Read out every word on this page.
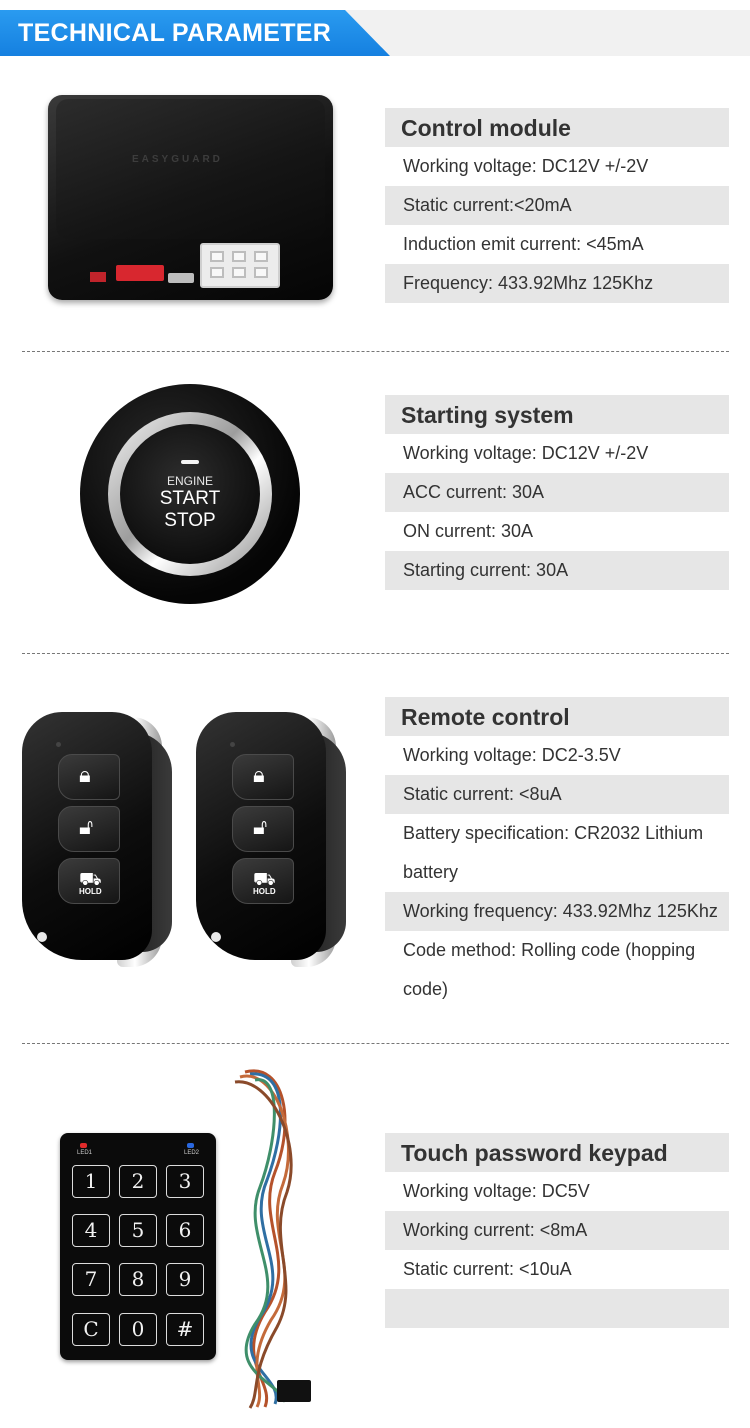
TECHNICAL PARAMETER
EASYGUARD
Control module
Working voltage: DC12V +/-2V
Static current:<20mA
Induction emit current: <45mA
Frequency: 433.92Mhz 125Khz
ENGINE
START
STOP
Starting system
Working voltage: DC12V +/-2V
ACC current: 30A
ON current: 30A
Starting current: 30A
🔒︎
🔓︎
⛟
HOLD
🔒︎
🔓︎
⛟
HOLD
Remote control
Working voltage: DC2-3.5V
Static current: <8uA
Battery specification: CR2032 Lithium battery
Working frequency: 433.92Mhz 125Khz
Code method: Rolling code (hopping code)
LED1	LED2
1	2	3
4	5	6
7	8	9
C	0	#
Touch password keypad
Working voltage: DC5V
Working current: <8mA
Static current: <10uA
